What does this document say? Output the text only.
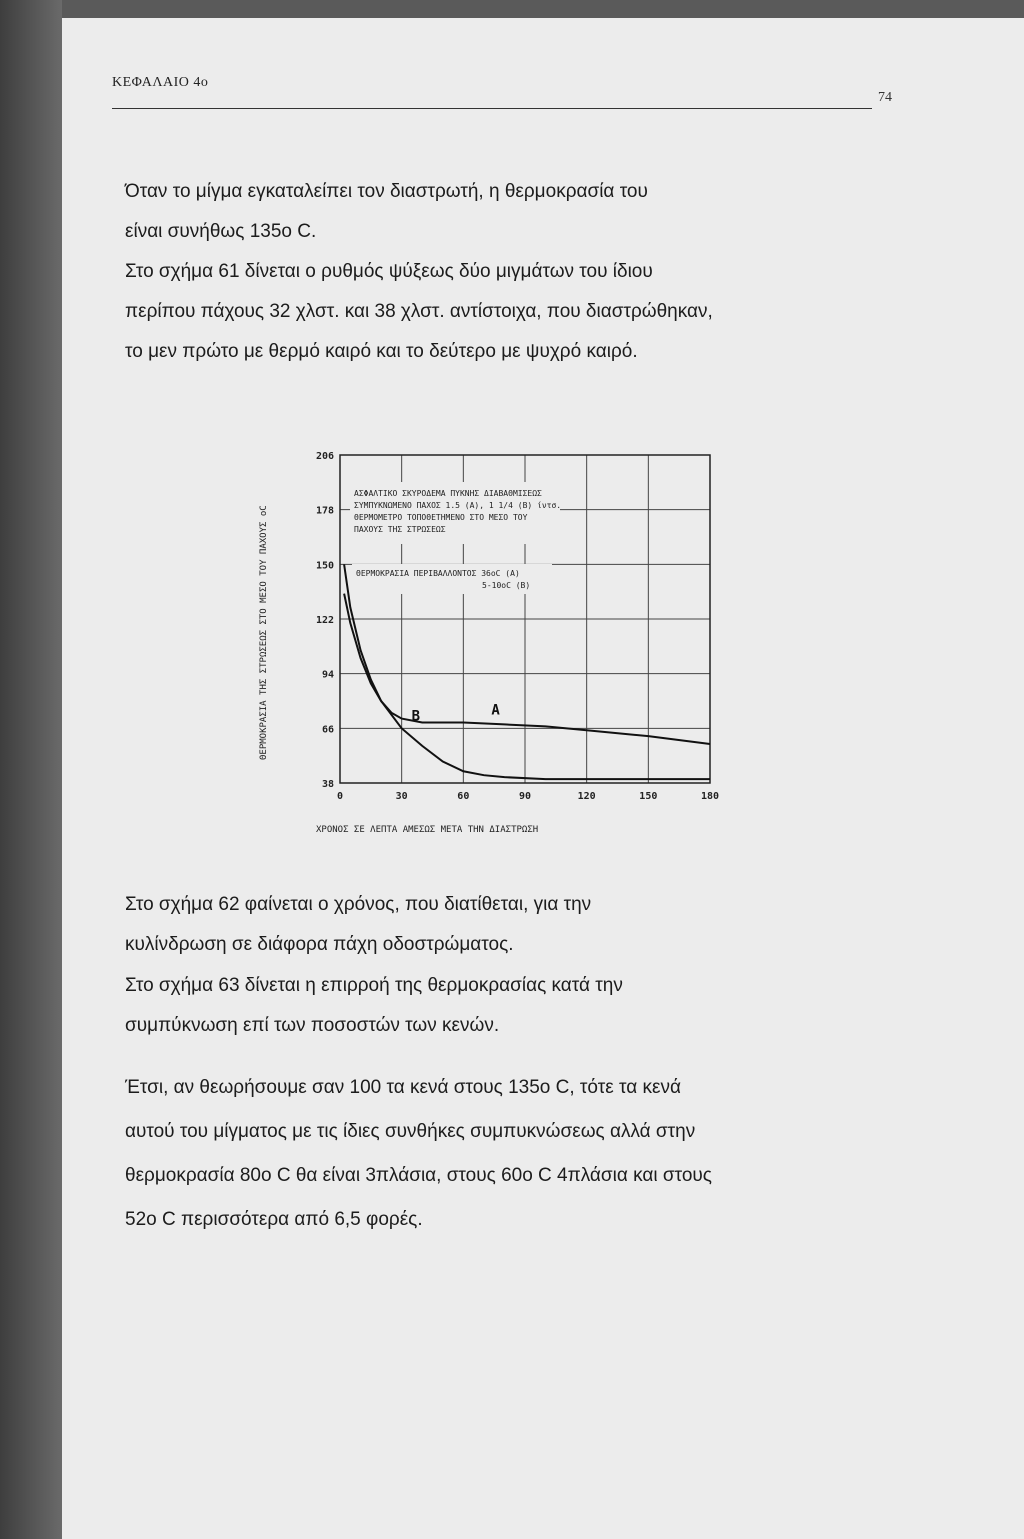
ΚΕΦΑΛΑΙΟ 4ο
74

Όταν το μίγμα εγκαταλείπει τον διαστρωτή, η θερμοκρασία του
είναι συνήθως 135ο C.

Στο σχήμα 61 δίνεται ο ρυθμός ψύξεως δύο μιγμάτων του ίδιου
περίπου πάχους 32 χλστ. και 38 χλστ. αντίστοιχα, που διαστρώθηκαν,
το μεν πρώτο με θερμό καιρό και το δεύτερο με ψυχρό καιρό.

206
178
150
122
94
66
38
0	30	60	90	120	150	180
A
B
ΧΡΟΝΟΣ ΣΕ ΛΕΠΤΑ ΑΜΕΣΩΣ ΜΕΤΑ ΤΗΝ ΔΙΑΣΤΡΩΣΗ
ΘΕΡΜΟΚΡΑΣΙΑ ΤΗΣ ΣΤΡΩΣΕΩΣ ΣΤΟ ΜΕΣΟ ΤΟΥ ΠΑΧΟΥΣ oC
ΑΣΦΑΛΤΙΚΟ ΣΚΥΡΟΔΕΜΑ ΠΥΚΝΗΣ ΔΙΑΒΑΘΜΙΣΕΩΣ
ΣΥΜΠΥΚΝΩΜΕΝΟ ΠΑΧΟΣ 1.5 (Α), 1 1/4 (Β) ίντσ.
ΘΕΡΜΟΜΕΤΡΟ ΤΟΠΟΘΕΤΗΜΕΝΟ ΣΤΟ ΜΕΣΟ ΤΟΥ
ΠΑΧΟΥΣ ΤΗΣ ΣΤΡΩΣΕΩΣ
ΘΕΡΜΟΚΡΑΣΙΑ ΠΕΡΙΒΑΛΛΟΝΤΟΣ 36oC (Α)
5-10oC (Β)

Στο σχήμα 62 φαίνεται ο χρόνος, που διατίθεται, για την
κυλίνδρωση σε διάφορα πάχη οδοστρώματος.

Στο σχήμα 63 δίνεται η επιρροή της θερμοκρασίας κατά την
συμπύκνωση επί των ποσοστών των κενών.

Έτσι, αν θεωρήσουμε σαν 100 τα κενά στους 135ο C, τότε τα κενά
αυτού του μίγματος με τις ίδιες συνθήκες συμπυκνώσεως αλλά στην
θερμοκρασία 80ο C θα είναι 3πλάσια, στους 60ο C 4πλάσια και στους
52ο C περισσότερα από 6,5 φορές.
